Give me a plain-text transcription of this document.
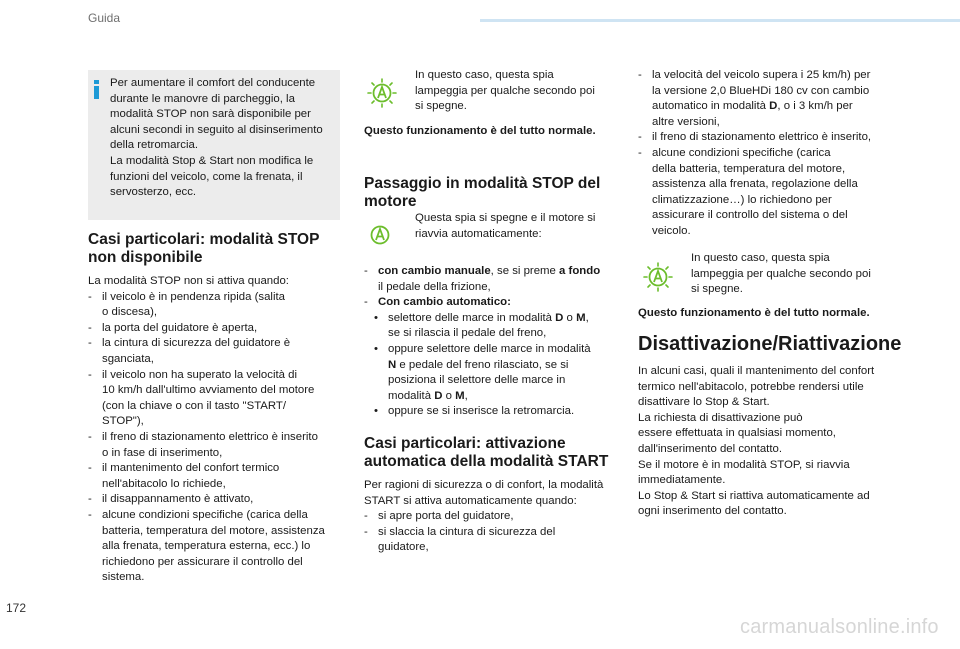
Guida
Per aumentare il comfort del conducente
durante le manovre di parcheggio, la
modalità STOP non sarà disponibile per
alcuni secondi in seguito al disinserimento
della retromarcia.
La modalità Stop & Start non modifica le
funzioni del veicolo, come la frenata, il
servosterzo, ecc.
Casi particolari: modalità STOP
non disponibile
La modalità STOP non si attiva quando:
- il veicolo è in pendenza ripida (salita
o discesa),
- la porta del guidatore è aperta,
- la cintura di sicurezza del guidatore è
sganciata,
- il veicolo non ha superato la velocità di
10 km/h dall'ultimo avviamento del motore
(con la chiave o con il tasto "START/
STOP"),
- il freno di stazionamento elettrico è inserito
o in fase di inserimento,
- il mantenimento del confort termico
nell'abitacolo lo richiede,
- il disappannamento è attivato,
- alcune condizioni specifiche (carica della
batteria, temperatura del motore, assistenza
alla frenata, temperatura esterna, ecc.) lo
richiedono per assicurare il controllo del
sistema.
In questo caso, questa spia
lampeggia per qualche secondo poi
si spegne.
Questo funzionamento è del tutto normale.
Passaggio in modalità STOP del
motore
Questa spia si spegne e il motore si
riavvia automaticamente:
- con cambio manuale, se si preme a fondo
il pedale della frizione,
- Con cambio automatico:
• selettore delle marce in modalità D o M,
se si rilascia il pedale del freno,
• oppure selettore delle marce in modalità
N e pedale del freno rilasciato, se si
posiziona il selettore delle marce in
modalità D o M,
• oppure se si inserisce la retromarcia.
Casi particolari: attivazione
automatica della modalità START
Per ragioni di sicurezza o di confort, la modalità
START si attiva automaticamente quando:
- si apre porta del guidatore,
- si slaccia la cintura di sicurezza del
guidatore,
- la velocità del veicolo supera i 25 km/h) per
la versione 2,0 BlueHDi 180 cv con cambio
automatico in modalità D, o i 3 km/h per
altre versioni,
- il freno di stazionamento elettrico è inserito,
- alcune condizioni specifiche (carica
della batteria, temperatura del motore,
assistenza alla frenata, regolazione della
climatizzazione…) lo richiedono per
assicurare il controllo del sistema o del
veicolo.
In questo caso, questa spia
lampeggia per qualche secondo poi
si spegne.
Questo funzionamento è del tutto normale.
Disattivazione/Riattivazione
In alcuni casi, quali il mantenimento del confort
termico nell'abitacolo, potrebbe rendersi utile
disattivare lo Stop & Start.
La richiesta di disattivazione può
essere effettuata in qualsiasi momento,
dall'inserimento del contatto.
Se il motore è in modalità STOP, si riavvia
immediatamente.
Lo Stop & Start si riattiva automaticamente ad
ogni inserimento del contatto.
172
carmanualsonline.info
